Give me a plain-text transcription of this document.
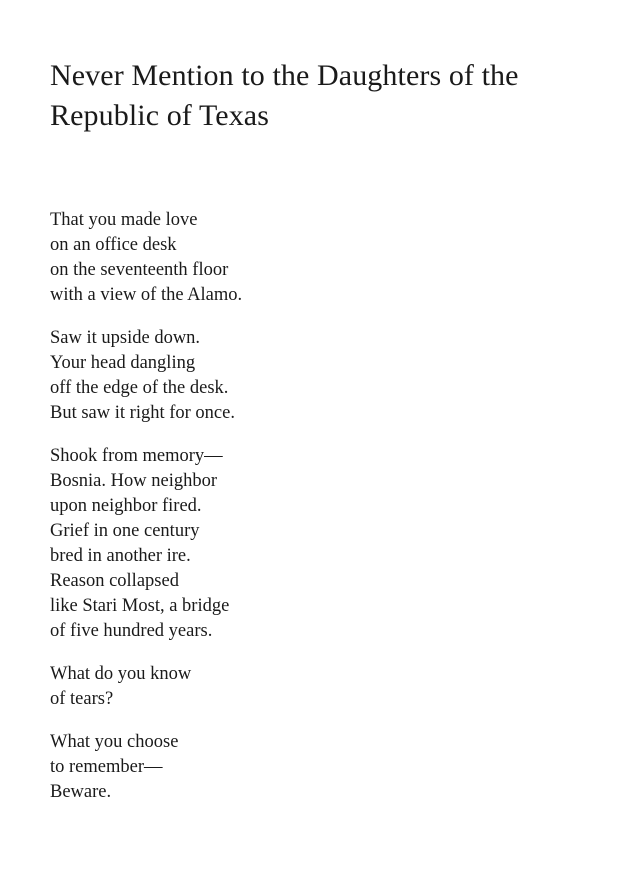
Never Mention to the Daughters of the
Republic of Texas
That you made love
on an office desk
on the seventeenth floor
with a view of the Alamo.
Saw it upside down.
Your head dangling
off the edge of the desk.
But saw it right for once.
Shook from memory—
Bosnia. How neighbor
upon neighbor fired.
Grief in one century
bred in another ire.
Reason collapsed
like Stari Most, a bridge
of five hundred years.
What do you know
of tears?
What you choose
to remember—
Beware.
